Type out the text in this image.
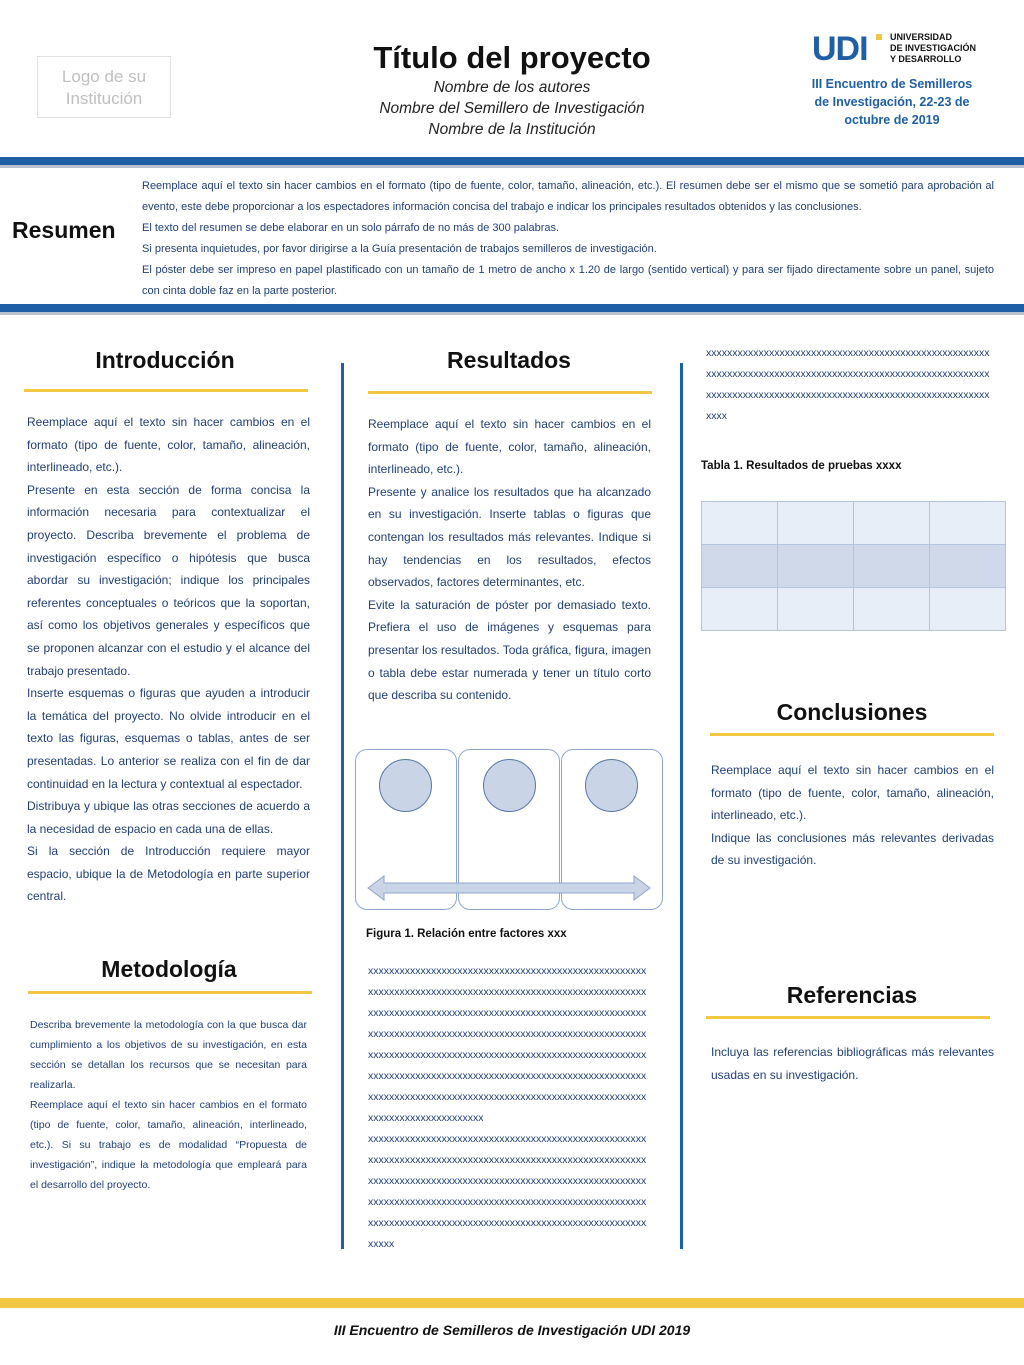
Logo de su Institución
Título del proyecto
Nombre de los autores
Nombre del Semillero de Investigación
Nombre de la Institución
UDI UNIVERSIDAD
DE INVESTIGACIÓN
Y DESARROLLO
III Encuentro de Semilleros
de Investigación, 22-23 de
octubre de 2019
Resumen

Reemplace aquí el texto sin hacer cambios en el formato (tipo de fuente, color, tamaño, alineación, etc.). El resumen debe ser el mismo que se sometió para aprobación al evento, este debe proporcionar a los espectadores información concisa del trabajo e indicar los principales resultados obtenidos y las conclusiones.

El texto del resumen se debe elaborar en un solo párrafo de no más de 300 palabras.

Si presenta inquietudes, por favor dirigirse a la Guía presentación de trabajos semilleros de investigación.

El póster debe ser impreso en papel plastificado con un tamaño de 1 metro de ancho x 1.20 de largo (sentido vertical) y para ser fijado directamente sobre un panel, sujeto con cinta doble faz en la parte posterior.

Introducción

Reemplace aquí el texto sin hacer cambios en el formato (tipo de fuente, color, tamaño, alineación, interlineado, etc.).

Presente en esta sección de forma concisa la información necesaria para contextualizar el proyecto. Describa brevemente el problema de investigación específico o hipótesis que busca abordar su investigación; indique los principales referentes conceptuales o teóricos que la soportan, así como los objetivos generales y específicos que se proponen alcanzar con el estudio y el alcance del trabajo presentado.

Inserte esquemas o figuras que ayuden a introducir la temática del proyecto. No olvide introducir en el texto las figuras, esquemas o tablas, antes de ser presentadas. Lo anterior se realiza con el fin de dar continuidad en la lectura y contextual al espectador.

Distribuya y ubique las otras secciones de acuerdo a la necesidad de espacio en cada una de ellas.

Si la sección de Introducción requiere mayor espacio, ubique la de Metodología en parte superior central.

Metodología

Describa brevemente la metodología con la que busca dar cumplimiento a los objetivos de su investigación, en esta sección se detallan los recursos que se necesitan para realizarla.

Reemplace aquí el texto sin hacer cambios en el formato (tipo de fuente, color, tamaño, alineación, interlineado, etc.). Si su trabajo es de modalidad “Propuesta de investigación”, indique la metodología que empleará para el desarrollo del proyecto.

Resultados

Reemplace aquí el texto sin hacer cambios en el formato (tipo de fuente, color, tamaño, alineación, interlineado, etc.).

Presente y analice los resultados que ha alcanzado en su investigación. Inserte tablas o figuras que contengan los resultados más relevantes. Indique si hay tendencias en los resultados, efectos observados, factores determinantes, etc.

Evite la saturación de póster por demasiado texto. Prefiera el uso de imágenes y esquemas para presentar los resultados. Toda gráfica, figura, imagen o tabla debe estar numerada y tener un título corto que describa su contenido.

Figura 1. Relación entre factores xxx

xxxxxxxxxxxxxxxxxxxxxxxxxxxxxxxxxxxxxxxxxxxxxxxxxxxxxxxxxxxxxxxxxxxxxxxxxxxxxxxxxxxxxxxxxxxxxxxxxxxxxxxxxxxxxxxxxxxxxxxxxxxxxxxxxxxxxxxxxxxxxxxxxxxxxxxxxxxxxxxxxxxxxxxxxxxxxxxxxxxxxxxxxxxxxxxxxxxxxxxxxxxxxxxxxxxxxxxxxxxxxxxxxxxxxxxxxxxxxxxxxxxxxxxxxxxxxxxxxxxxxxxxxxxxxxxxxxxxxxxxxxxxxxxxxxxxxxxxxxxxxxxxxxxxxxxxxxxxxxxxxxxxxxxxxxxxxxxxxxxxxxxxxxxxxxxxxxxxxxxxxxxxxxxxxxxxxxxxxxxxxxxxxxxxxxxxx

xxxxxxxxxxxxxxxxxxxxxxxxxxxxxxxxxxxxxxxxxxxxxxxxxxxxxxxxxxxxxxxxxxxxxxxxxxxxxxxxxxxxxxxxxxxxxxxxxxxxxxxxxxxxxxxxxxxxxxxxxxxxxxxxxxxxxxxxxxxxxxxxxxxxxxxxxxxxxxxxxxxxxxxxxxxxxxxxxxxxxxxxxxxxxxxxxxxxxxxxxxxxxxxxxxxxxxxxxxxxxxxxxxxxxxxxxxxxxxxxxxxxxxxxxxxxxxxxxxxxxxxxxxxxxx

xxxxxxxxxxxxxxxxxxxxxxxxxxxxxxxxxxxxxxxxxxxxxxxxxxxxxxxxxxxxxxxxxxxxxxxxxxxxxxxxxxxxxxxxxxxxxxxxxxxxxxxxxxxxxxxxxxxxxxxxxxxxxxxxxxxxxxxxxxxxxxxxxxxxxxxxxxxxxxxxxxxxxx

Tabla 1. Resultados de pruebas xxxx

Conclusiones

Reemplace aquí el texto sin hacer cambios en el formato (tipo de fuente, color, tamaño, alineación, interlineado, etc.).

Indique las conclusiones más relevantes derivadas de su investigación.

Referencias

Incluya las referencias bibliográficas más relevantes usadas en su investigación.

III Encuentro de Semilleros de Investigación UDI 2019
